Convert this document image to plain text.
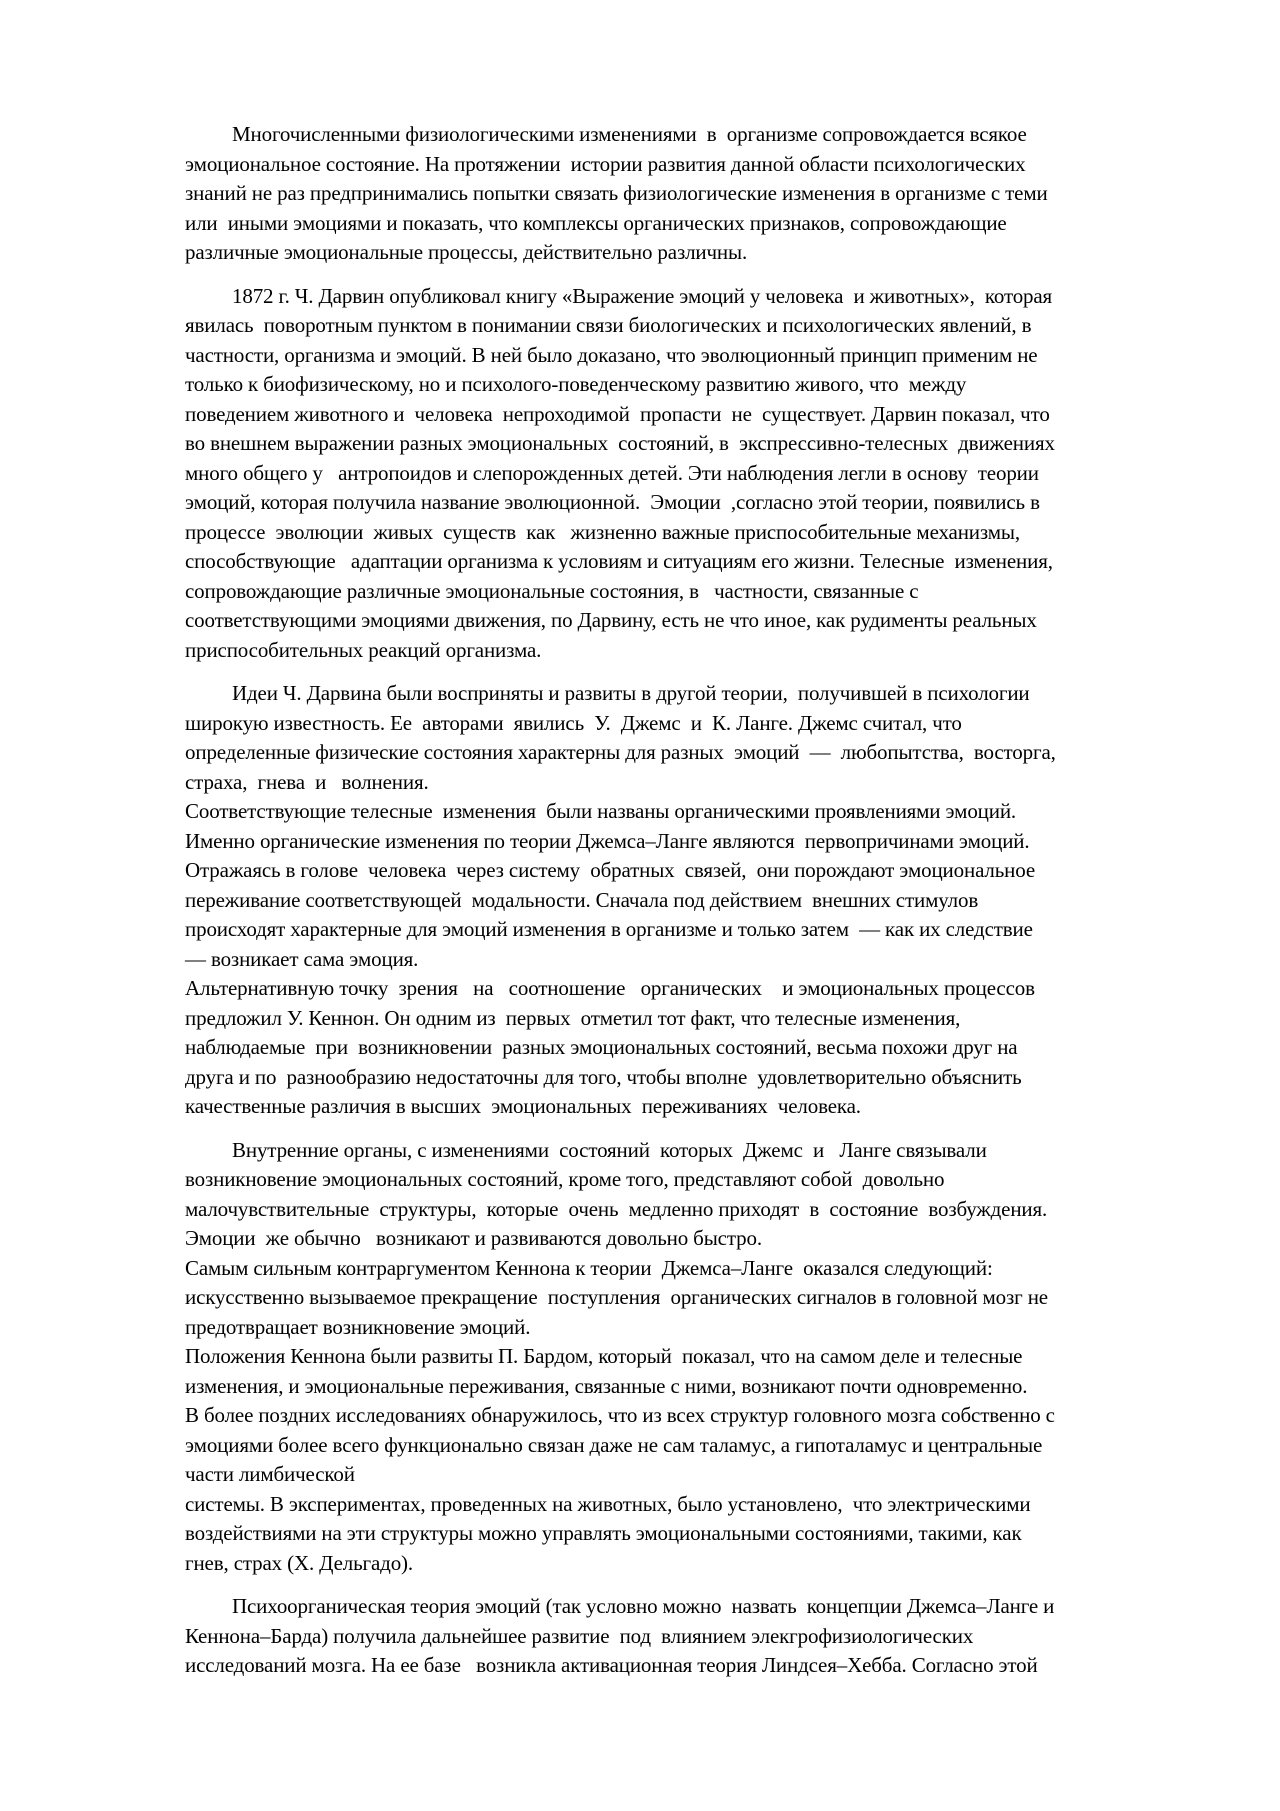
Многочисленными физиологическими изменениями  в  организме сопровождается всякое
эмоциональное состояние. На протяжении  истории развития данной области психологических
знаний не раз предпринимались попытки связать физиологические изменения в организме с теми
или  иными эмоциями и показать, что комплексы органических признаков, сопровождающие
различные эмоциональные процессы, действительно различны.
1872 г. Ч. Дарвин опубликовал книгу «Выражение эмоций у человека  и животных»,  которая
явилась  поворотным пунктом в понимании связи биологических и психологических явлений, в
частности, организма и эмоций. В ней было доказано, что эволюционный принцип применим не
только к биофизическому, но и психолого-поведенческому развитию живого, что  между
поведением животного и  человека  непроходимой  пропасти  не  существует. Дарвин показал, что
во внешнем выражении разных эмоциональных  состояний, в  экспрессивно-телесных  движениях
много общего у   антропоидов и слепорожденных детей. Эти наблюдения легли в основу  теории
эмоций, которая получила название эволюционной.  Эмоции  ,согласно этой теории, появились в
процессе  эволюции  живых  существ  как   жизненно важные приспособительные механизмы,
способствующие   адаптации организма к условиям и ситуациям его жизни. Телесные  изменения,
сопровождающие различные эмоциональные состояния, в   частности, связанные с
соответствующими эмоциями движения, по Дарвину, есть не что иное, как рудименты реальных
приспособительных реакций организма.
Идеи Ч. Дарвина были восприняты и развиты в другой теории,  получившей в психологии
широкую известность. Ее  авторами  явились  У.  Джемс  и  К. Ланге. Джемс считал, что
определенные физические состояния характерны для разных  эмоций  —  любопытства,  восторга,
страха,  гнева  и   волнения.
Соответствующие телесные  изменения  были названы органическими проявлениями эмоций.
Именно органические изменения по теории Джемса–Ланге являются  первопричинами эмоций.
Отражаясь в голове  человека  через систему  обратных  связей,  они порождают эмоциональное
переживание соответствующей  модальности. Сначала под действием  внешних стимулов
происходят характерные для эмоций изменения в организме и только затем  — как их следствие
— возникает сама эмоция.
Альтернативную точку  зрения   на   соотношение   органических    и эмоциональных процессов
предложил У. Кеннон. Он одним из  первых  отметил тот факт, что телесные изменения,
наблюдаемые  при  возникновении  разных эмоциональных состояний, весьма похожи друг на
друга и по  разнообразию недостаточны для того, чтобы вполне  удовлетворительно объяснить
качественные различия в высших  эмоциональных  переживаниях  человека.
Внутренние органы, с изменениями  состояний  которых  Джемс  и   Ланге связывали
возникновение эмоциональных состояний, кроме того, представляют собой  довольно
малочувствительные  структуры,  которые  очень  медленно приходят  в  состояние  возбуждения.
Эмоции  же обычно   возникают и развиваются довольно быстро.
Самым сильным контраргументом Кеннона к теории  Джемса–Ланге  оказался следующий:
искусственно вызываемое прекращение  поступления  органических сигналов в головной мозг не
предотвращает возникновение эмоций.
Положения Кеннона были развиты П. Бардом, который  показал, что на самом деле и телесные
изменения, и эмоциональные переживания, связанные с ними, возникают почти одновременно.
В более поздних исследованиях обнаружилось, что из всех структур головного мозга собственно с
эмоциями более всего функционально связан даже не сам таламус, а гипоталамус и центральные
части лимбической
системы. В экспериментах, проведенных на животных, было установлено,  что электрическими
воздействиями на эти структуры можно управлять эмоциональными состояниями, такими, как
гнев, страх (X. Дельгадо).
Психоорганическая теория эмоций (так условно можно  назвать  концепции Джемса–Ланге и
Кеннона–Барда) получила дальнейшее развитие  под  влиянием элекгрофизиологических
исследований мозга. На ее базе   возникла активационная теория Линдсея–Хебба. Согласно этой
